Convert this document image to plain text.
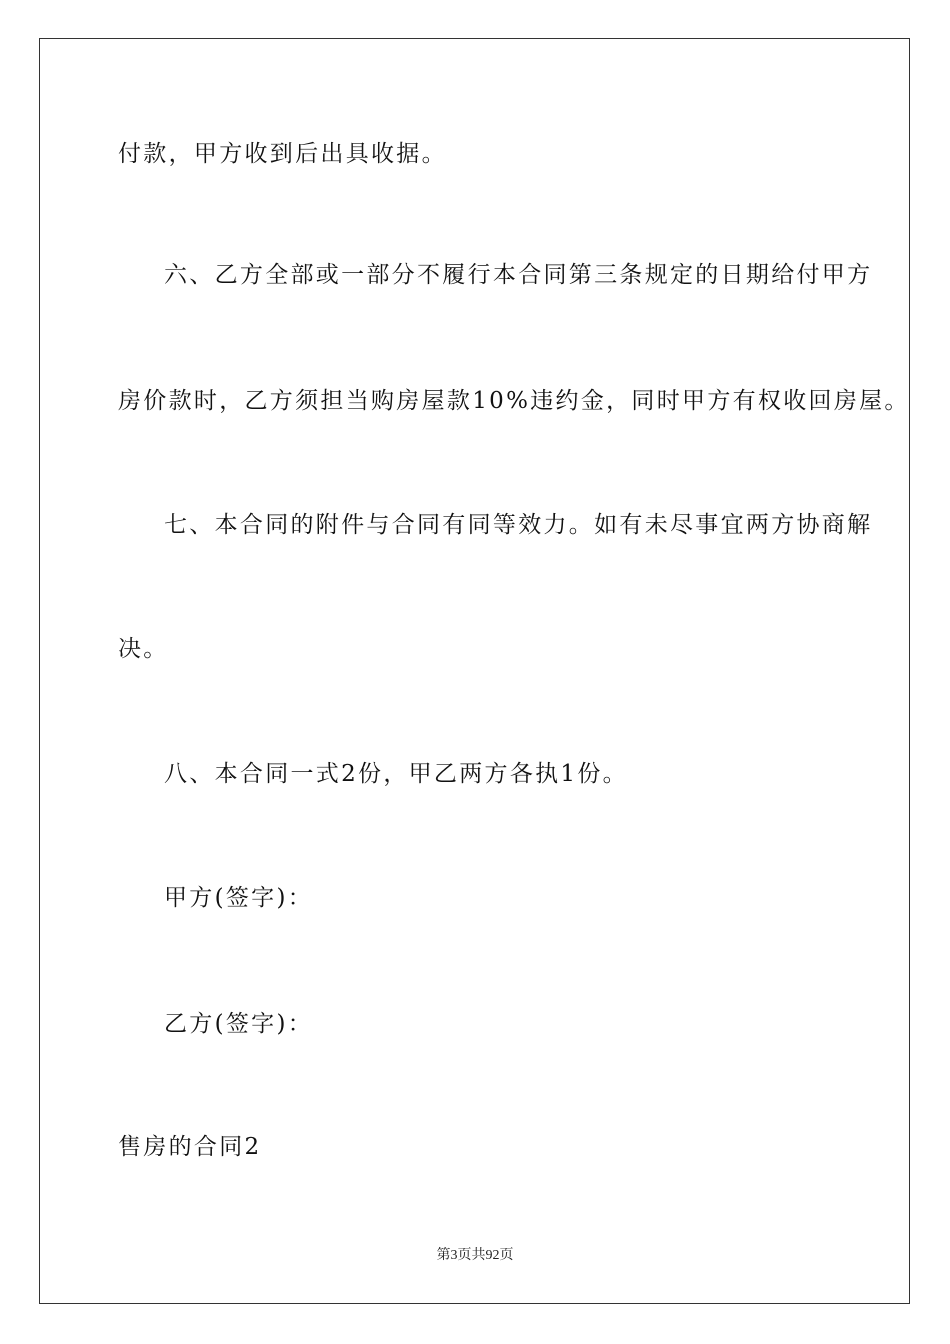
付款，甲方收到后出具收据。
六、乙方全部或一部分不履行本合同第三条规定的日期给付甲方
房价款时，乙方须担当购房屋款10%违约金，同时甲方有权收回房屋。
七、本合同的附件与合同有同等效力。如有未尽事宜两方协商解
决。
八、本合同一式2份，甲乙两方各执1份。
甲方(签字)：
乙方(签字)：
售房的合同2
第3页共92页
